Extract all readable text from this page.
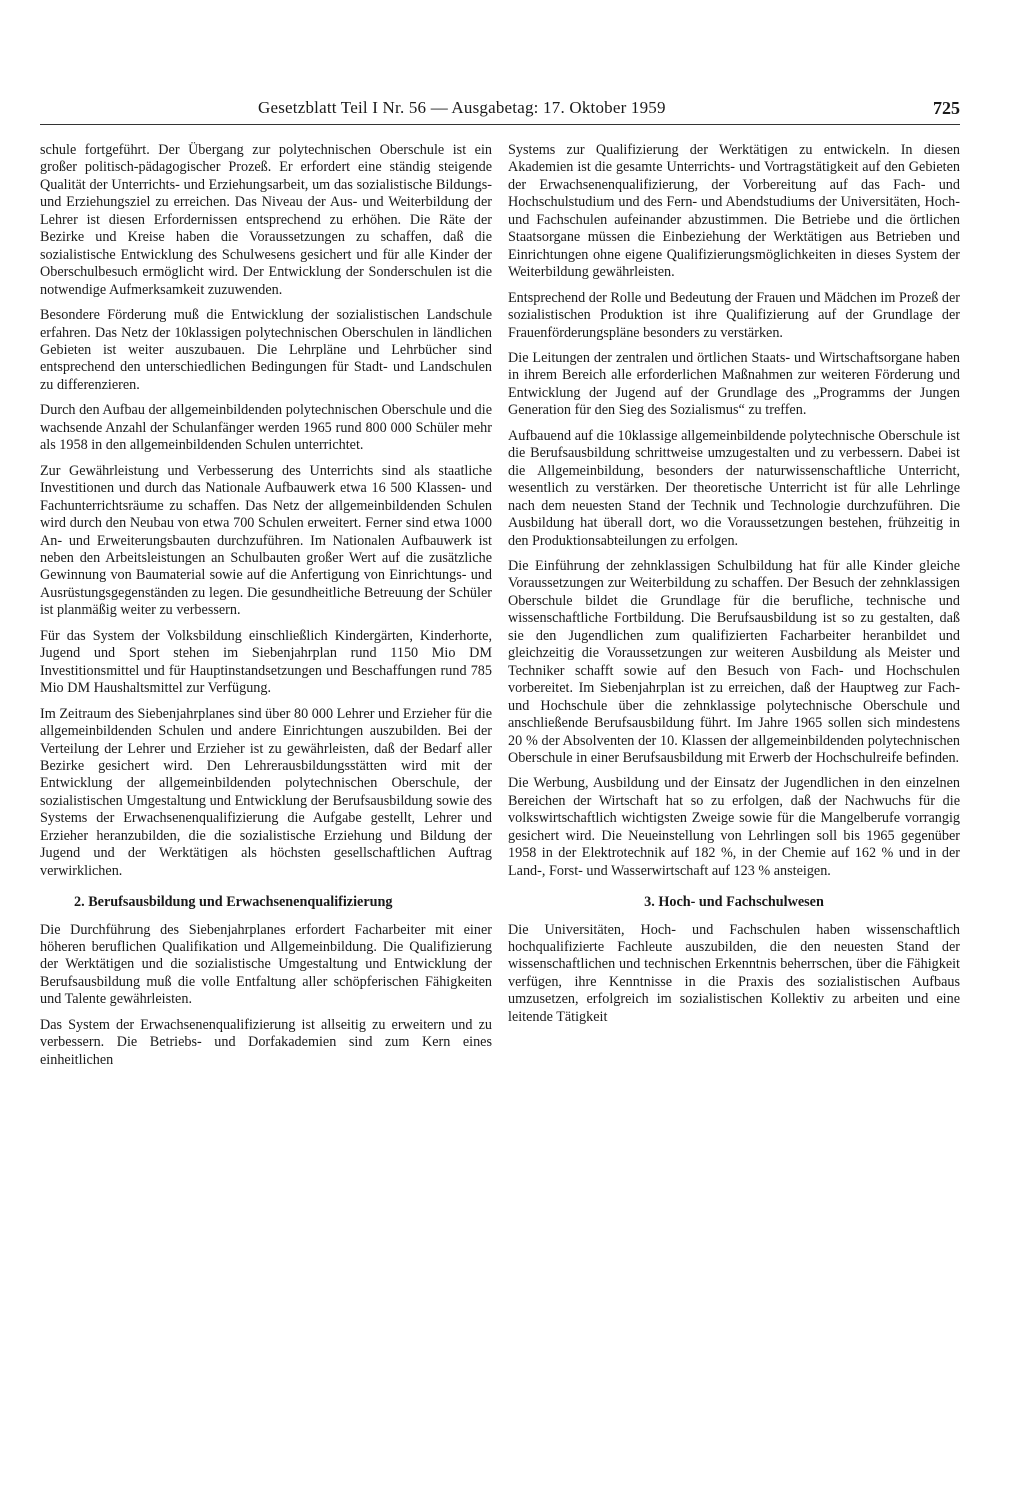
Gesetzblatt Teil I Nr. 56 — Ausgabetag: 17. Oktober 1959	725

schule fortgeführt. Der Übergang zur polytechnischen Oberschule ist ein großer politisch-pädagogischer Prozeß. Er erfordert eine ständig steigende Qualität der Unterrichts- und Erziehungsarbeit, um das sozialistische Bildungs- und Erziehungsziel zu erreichen. Das Niveau der Aus- und Weiterbildung der Lehrer ist diesen Erfordernissen entsprechend zu erhöhen. Die Räte der Bezirke und Kreise haben die Voraussetzungen zu schaffen, daß die sozialistische Entwicklung des Schulwesens gesichert und für alle Kinder der Oberschulbesuch ermöglicht wird. Der Entwicklung der Sonderschulen ist die notwendige Aufmerksamkeit zuzuwenden.

Besondere Förderung muß die Entwicklung der sozialistischen Landschule erfahren. Das Netz der 10klassigen polytechnischen Oberschulen in ländlichen Gebieten ist weiter auszubauen. Die Lehrpläne und Lehrbücher sind entsprechend den unterschiedlichen Bedingungen für Stadt- und Landschulen zu differenzieren.

Durch den Aufbau der allgemeinbildenden polytechnischen Oberschule und die wachsende Anzahl der Schulanfänger werden 1965 rund 800 000 Schüler mehr als 1958 in den allgemeinbildenden Schulen unterrichtet.

Zur Gewährleistung und Verbesserung des Unterrichts sind als staatliche Investitionen und durch das Nationale Aufbauwerk etwa 16 500 Klassen- und Fachunterrichtsräume zu schaffen. Das Netz der allgemeinbildenden Schulen wird durch den Neubau von etwa 700 Schulen erweitert. Ferner sind etwa 1000 An- und Erweiterungsbauten durchzuführen. Im Nationalen Aufbauwerk ist neben den Arbeitsleistungen an Schulbauten großer Wert auf die zusätzliche Gewinnung von Baumaterial sowie auf die Anfertigung von Einrichtungs- und Ausrüstungsgegenständen zu legen. Die gesundheitliche Betreuung der Schüler ist planmäßig weiter zu verbessern.

Für das System der Volksbildung einschließlich Kindergärten, Kinderhorte, Jugend und Sport stehen im Siebenjahrplan rund 1150 Mio DM Investitionsmittel und für Hauptinstandsetzungen und Beschaffungen rund 785 Mio DM Haushaltsmittel zur Verfügung.

Im Zeitraum des Siebenjahrplanes sind über 80 000 Lehrer und Erzieher für die allgemeinbildenden Schulen und andere Einrichtungen auszubilden. Bei der Verteilung der Lehrer und Erzieher ist zu gewährleisten, daß der Bedarf aller Bezirke gesichert wird. Den Lehrerausbildungsstätten wird mit der Entwicklung der allgemeinbildenden polytechnischen Oberschule, der sozialistischen Umgestaltung und Entwicklung der Berufsausbildung sowie des Systems der Erwachsenenqualifizierung die Aufgabe gestellt, Lehrer und Erzieher heranzubilden, die die sozialistische Erziehung und Bildung der Jugend und der Werktätigen als höchsten gesellschaftlichen Auftrag verwirklichen.

2. Berufsausbildung und Erwachsenenqualifizierung

Die Durchführung des Siebenjahrplanes erfordert Facharbeiter mit einer höheren beruflichen Qualifikation und Allgemeinbildung. Die Qualifizierung der Werktätigen und die sozialistische Umgestaltung und Entwicklung der Berufsausbildung muß die volle Entfaltung aller schöpferischen Fähigkeiten und Talente gewährleisten.

Das System der Erwachsenenqualifizierung ist allseitig zu erweitern und zu verbessern. Die Betriebs- und Dorfakademien sind zum Kern eines einheitlichen

Systems zur Qualifizierung der Werktätigen zu entwickeln. In diesen Akademien ist die gesamte Unterrichts- und Vortragstätigkeit auf den Gebieten der Erwachsenenqualifizierung, der Vorbereitung auf das Fach- und Hochschulstudium und des Fern- und Abendstudiums der Universitäten, Hoch- und Fachschulen aufeinander abzustimmen. Die Betriebe und die örtlichen Staatsorgane müssen die Einbeziehung der Werktätigen aus Betrieben und Einrichtungen ohne eigene Qualifizierungsmöglichkeiten in dieses System der Weiterbildung gewährleisten.

Entsprechend der Rolle und Bedeutung der Frauen und Mädchen im Prozeß der sozialistischen Produktion ist ihre Qualifizierung auf der Grundlage der Frauenförderungspläne besonders zu verstärken.

Die Leitungen der zentralen und örtlichen Staats- und Wirtschaftsorgane haben in ihrem Bereich alle erforderlichen Maßnahmen zur weiteren Förderung und Entwicklung der Jugend auf der Grundlage des „Programms der Jungen Generation für den Sieg des Sozialismus“ zu treffen.

Aufbauend auf die 10klassige allgemeinbildende polytechnische Oberschule ist die Berufsausbildung schrittweise umzugestalten und zu verbessern. Dabei ist die Allgemeinbildung, besonders der naturwissenschaftliche Unterricht, wesentlich zu verstärken. Der theoretische Unterricht ist für alle Lehrlinge nach dem neuesten Stand der Technik und Technologie durchzuführen. Die Ausbildung hat überall dort, wo die Voraussetzungen bestehen, frühzeitig in den Produktionsabteilungen zu erfolgen.

Die Einführung der zehnklassigen Schulbildung hat für alle Kinder gleiche Voraussetzungen zur Weiterbildung zu schaffen. Der Besuch der zehnklassigen Oberschule bildet die Grundlage für die berufliche, technische und wissenschaftliche Fortbildung. Die Berufsausbildung ist so zu gestalten, daß sie den Jugendlichen zum qualifizierten Facharbeiter heranbildet und gleichzeitig die Voraussetzungen zur weiteren Ausbildung als Meister und Techniker schafft sowie auf den Besuch von Fach- und Hochschulen vorbereitet. Im Siebenjahrplan ist zu erreichen, daß der Hauptweg zur Fach- und Hochschule über die zehnklassige polytechnische Oberschule und anschließende Berufsausbildung führt. Im Jahre 1965 sollen sich mindestens 20 % der Absolventen der 10. Klassen der allgemeinbildenden polytechnischen Oberschule in einer Berufsausbildung mit Erwerb der Hochschulreife befinden.

Die Werbung, Ausbildung und der Einsatz der Jugendlichen in den einzelnen Bereichen der Wirtschaft hat so zu erfolgen, daß der Nachwuchs für die volkswirtschaftlich wichtigsten Zweige sowie für die Mangelberufe vorrangig gesichert wird. Die Neueinstellung von Lehrlingen soll bis 1965 gegenüber 1958 in der Elektrotechnik auf 182 %, in der Chemie auf 162 % und in der Land-, Forst- und Wasserwirtschaft auf 123 % ansteigen.

3. Hoch- und Fachschulwesen

Die Universitäten, Hoch- und Fachschulen haben wissenschaftlich hochqualifizierte Fachleute auszubilden, die den neuesten Stand der wissenschaftlichen und technischen Erkenntnis beherrschen, über die Fähigkeit verfügen, ihre Kenntnisse in die Praxis des sozialistischen Aufbaus umzusetzen, erfolgreich im sozialistischen Kollektiv zu arbeiten und eine leitende Tätigkeit
